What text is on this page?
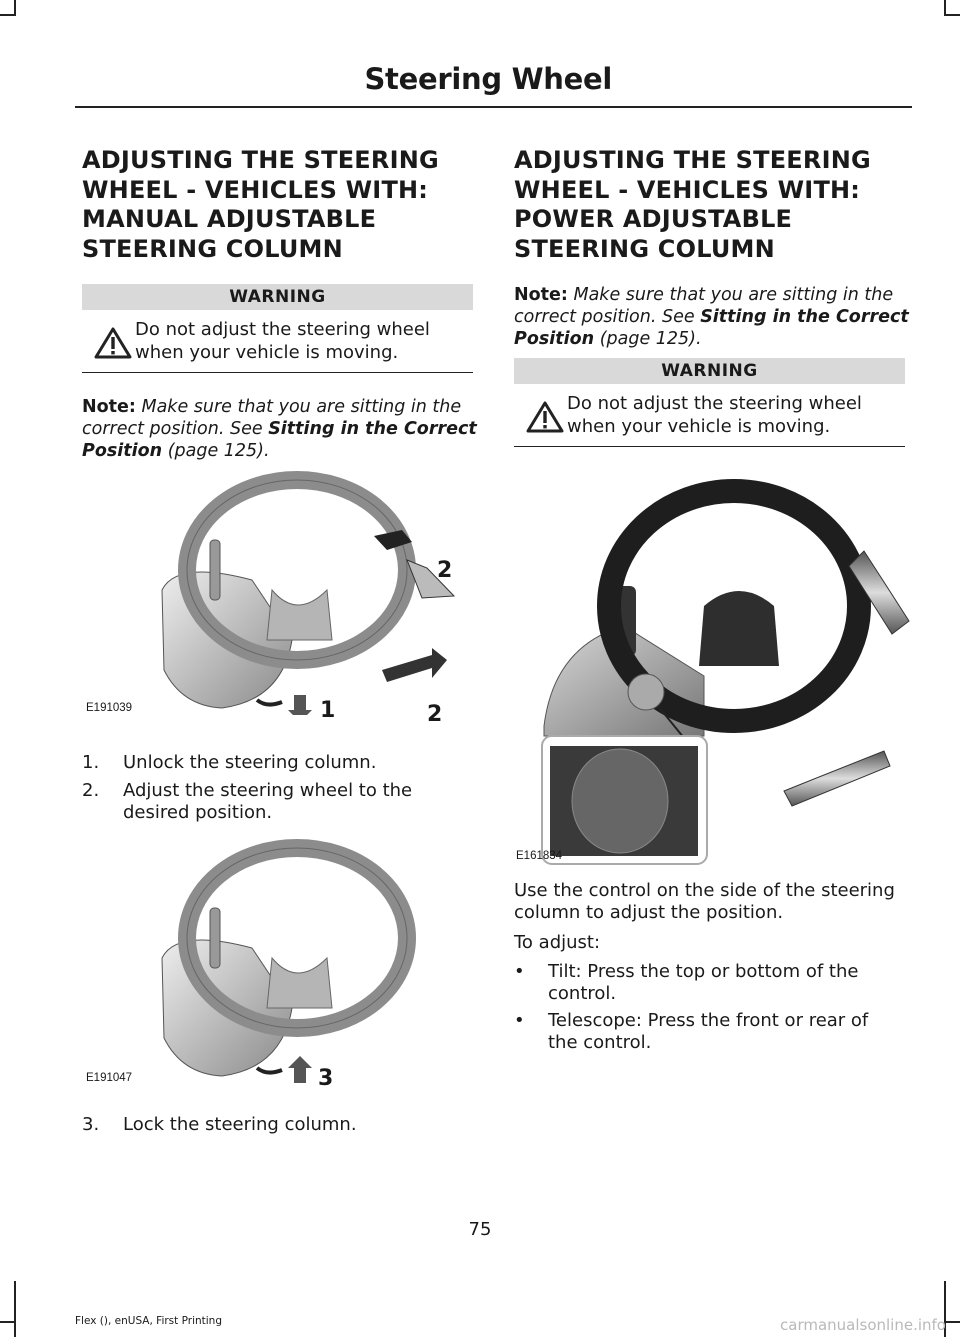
Steering Wheel
ADJUSTING THE STEERING
WHEEL - VEHICLES WITH:
MANUAL ADJUSTABLE
STEERING COLUMN
WARNING
Do not adjust the steering wheel when your vehicle is moving.
Note: Make sure that you are sitting in the correct position. See Sitting in the Correct Position (page 125).
2
1	2
E191039
1. Unlock the steering column.
2. Adjust the steering wheel to the desired position.
3
E191047
3. Lock the steering column.
ADJUSTING THE STEERING
WHEEL - VEHICLES WITH:
POWER ADJUSTABLE
STEERING COLUMN
Note: Make sure that you are sitting in the correct position. See Sitting in the Correct Position (page 125).
WARNING
Do not adjust the steering wheel when your vehicle is moving.
E161834
Use the control on the side of the steering column to adjust the position.
To adjust:
• Tilt: Press the top or bottom of the control.
• Telescope: Press the front or rear of the control.
75
Flex (), enUSA, First Printing	carmanualsonline.info
